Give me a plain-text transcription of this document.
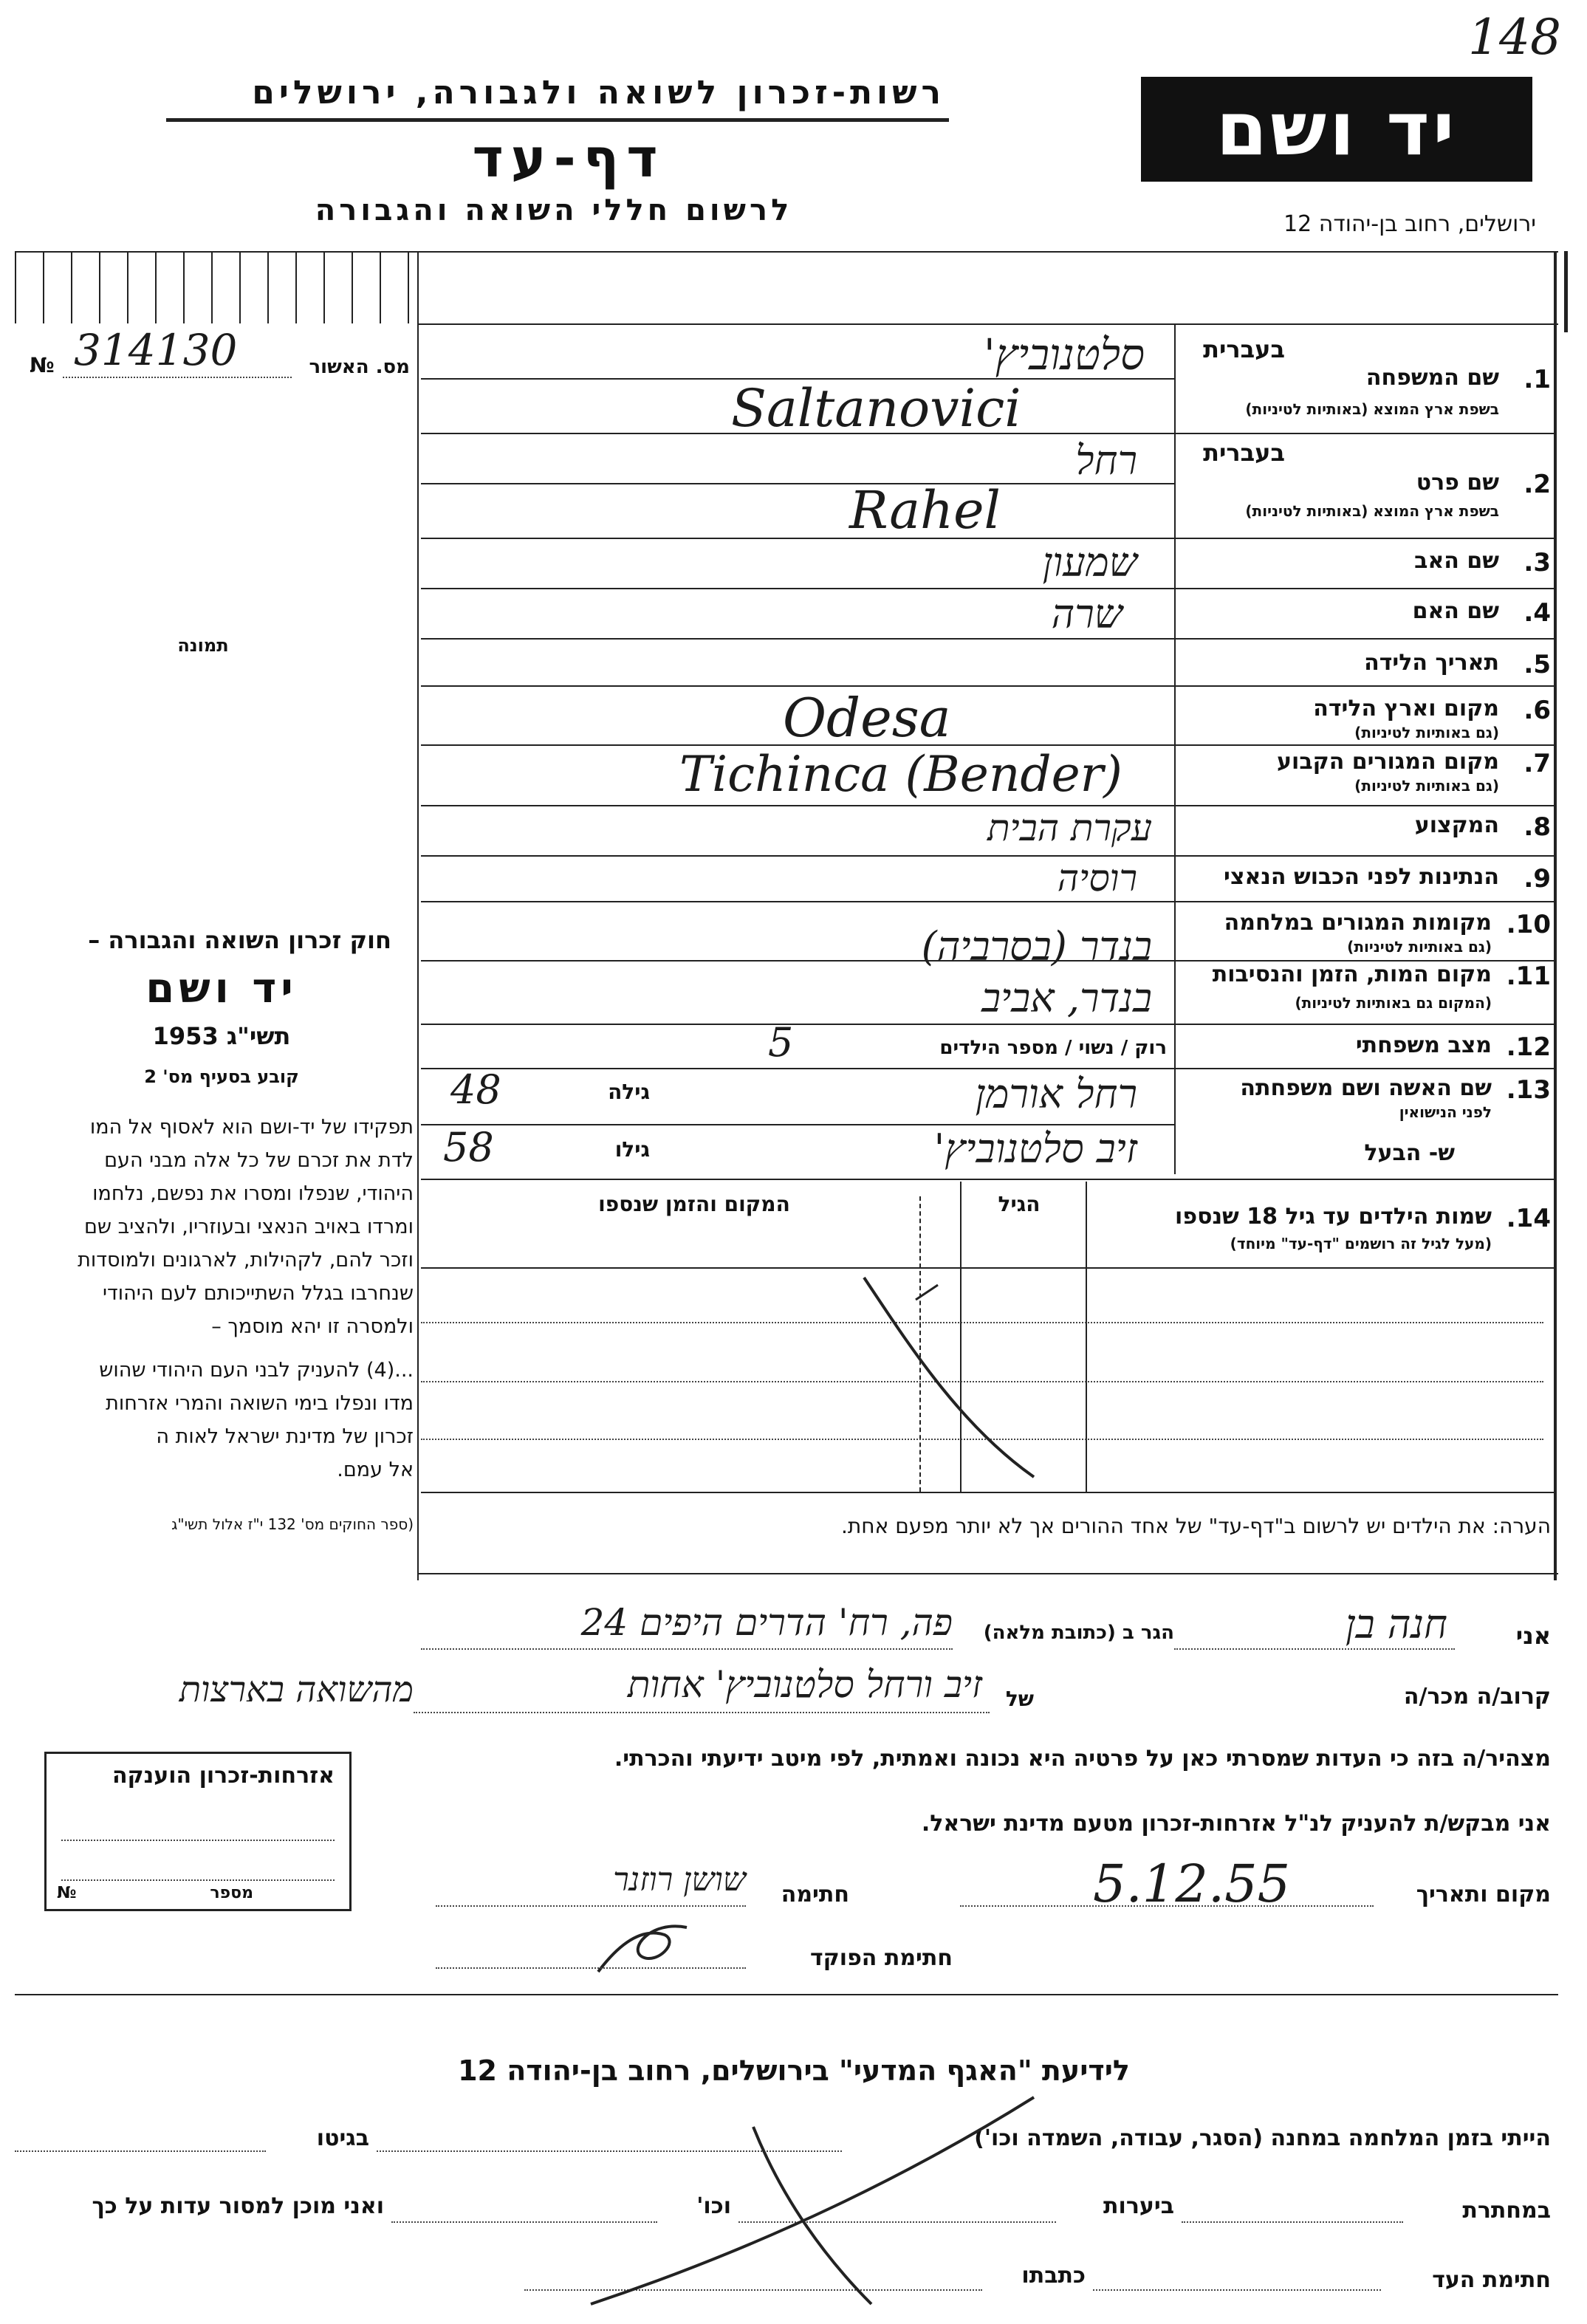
148
רשות-זכרון לשואה ולגבורה, ירושלים
דף-עד
לרשום חללי השואה והגבורה
יד ושם
ירושלים, רחוב בן-יהודה 12
№ 314130	מס. האשור
תמונה
בעברית
1.
שם המשפחה
בשפת ארץ המוצא (באותיות לטיניות)
סלטנוביץ'
Saltanovici
בעברית
2.
שם פרט
בשפת ארץ המוצא (באותיות לטיניות)
רחל
Rahel
3.
שם האב
שמעון
4.
שם האם
שרה
5.
תאריך הלידה
6.
מקום וארץ הלידה
(גם באותיות לטיניות)
Odesa
7.
מקום המגורים הקבוע
(גם באותיות לטיניות)
Tichinca (Bender)
8.
המקצוע
עקרת הבית
9.
הנתינות לפני הכבוש הנאצי
רוסיה
10.
מקומות המגורים במלחמה
(גם באותיות לטיניות)
בנדר (בסרביה)
11.
מקום המות, הזמן והנסיבות
(המקום גם באותיות לטיניות)
בנדר, אביב
12.
מצב משפחתי
רוק / נשוי / מספר הילדים
5
13.
שם האשה ושם משפחתה
לפני הנישואין
גילה
48	רחל אורמן
ש- הבעל
גילו
58	זיב סלטנוביץ'
14.
שמות הילדים עד גיל 18 שנספו
(מעל לגיל זה רושמים "דף-עד" מיוחד)
הגיל
המקום והזמן שנספו
הערה: את הילדים יש לרשום ב"דף-עד" של אחד ההורים אך לא יותר מפעם אחת.
חוק זכרון השואה והגבורה –
יד ושם
תשי"ג 1953
קובע בסעיף מס' 2
תפקידו של יד-ושם הוא לאסוף אל המו
לדת את זכרם של כל אלה מבני העם
היהודי, שנפלו ומסרו את נפשם, נלחמו
ומרדו באויב הנאצי ובעוזריו, ולהציב שם
וזכר להם, לקהילות, לארגונים ולמוסדות
שנחרבו בגלל השתייכותם לעם היהודי
ולמסרה זו יהא מוסמך –
...(4) להעניק לבני העם היהודי שהוש
מדו ונפלו בימי השואה והמרי אזרחות
זכרון של מדינת ישראל לאות ה
אל עמם.
(ספר החוקים מס' 132 י"ז אלול תשי"ג
אני
חנה בן
הגר ב (כתובת מלאה)
פה, רח' הדרים היפים 24
קרוב/ה מכר/ה
של
זיב ורחל סלטנוביץ' אחות
מהשואה בארצות
מצהיר/ה בזה כי העדות שמסרתי כאן על פרטיה היא נכונה ואמתית, לפי מיטב ידיעתי והכרתי.
אני מבקש/ת להעניק לנ"ל אזרחות-זכרון מטעם מדינת ישראל.
מקום ותאריך
5.12.55
חתימה
שושן רוזנר
חתימת הפוקד
אזרחות-זכרון הוענקה
מספר
№
לידיעת "האגף המדעי" בירושלים, רחוב בן-יהודה 12
הייתי בזמן המלחמה במחנה (הסגר, עבודה, השמדה וכו')
בגיטו
במחתרת
ביערות
וכו'
ואני מוכן למסור עדות על כך
חתימת העד
כתבתו
